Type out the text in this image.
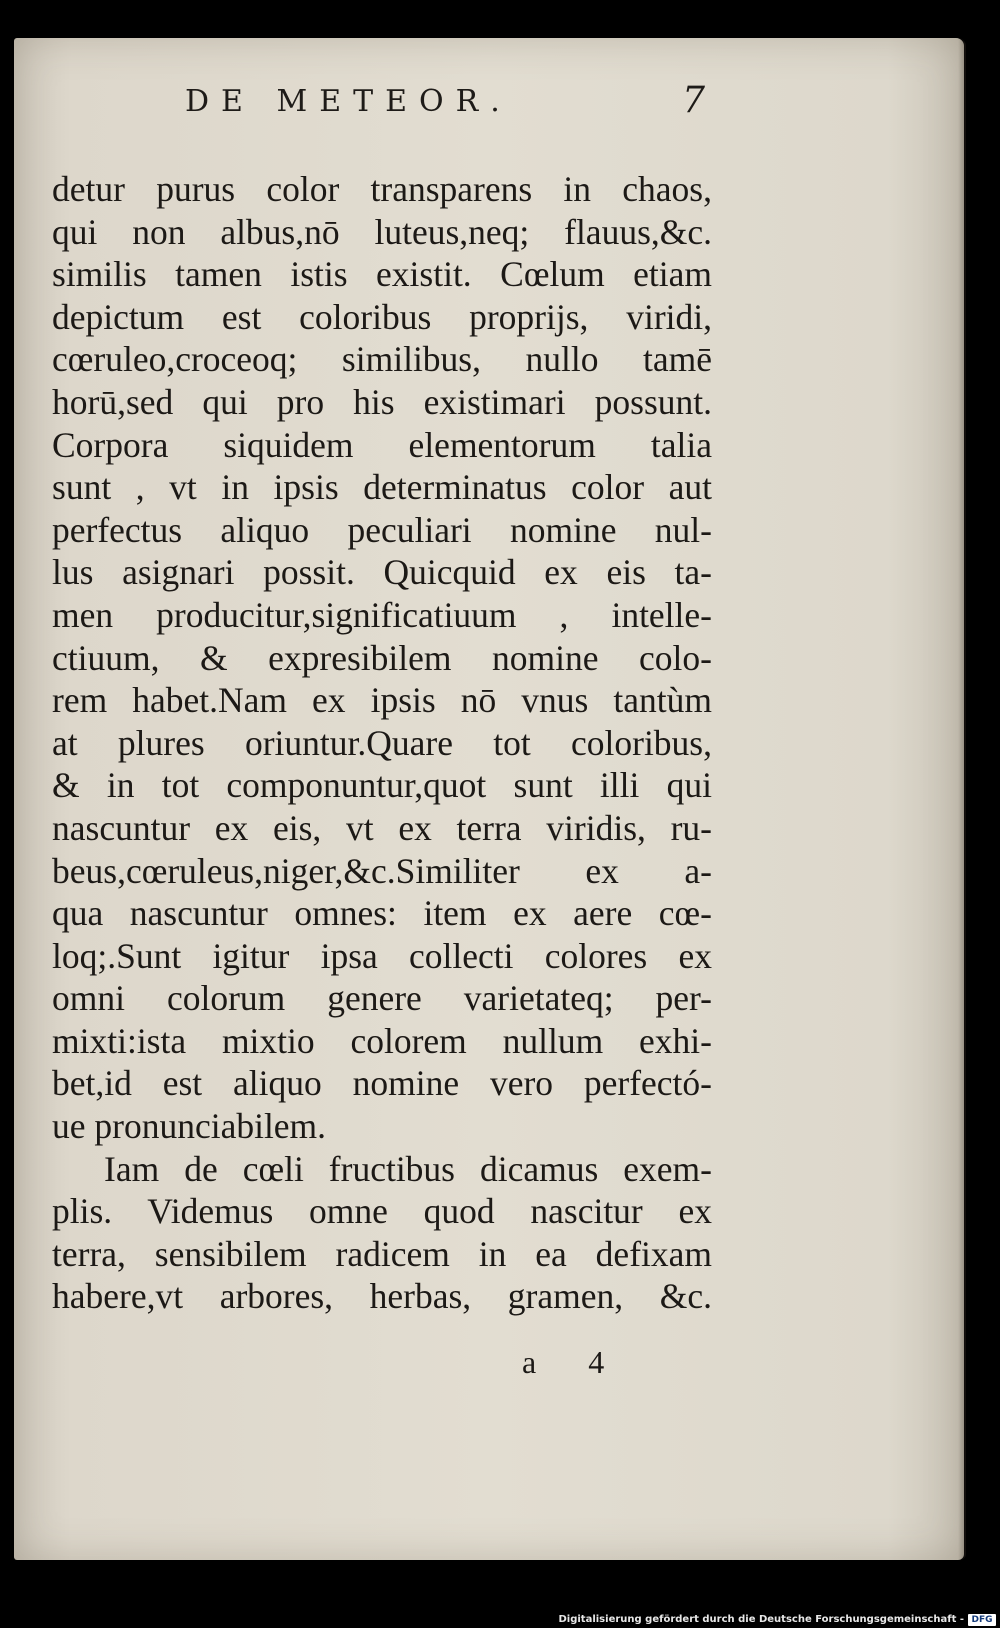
DE METEOR.	7
detur purus color transparens in chaos,
qui non albus,nō luteus,neq; flauus,&c.
similis tamen istis existit. Cœlum etiam
depictum est coloribus proprijs, viridi,
cœruleo,croceoq; similibus, nullo tamē
horū,sed qui pro his existimari possunt.
Corpora siquidem elementorum talia
sunt , vt in ipsis determinatus color aut
perfectus aliquo peculiari nomine nul-
lus asignari possit. Quicquid ex eis ta-
men producitur,significatiuum , intelle-
ctiuum, & expresibilem nomine colo-
rem habet.Nam ex ipsis nō vnus tantùm
at plures oriuntur.Quare tot coloribus,
& in tot componuntur,quot sunt illi qui
nascuntur ex eis, vt ex terra viridis, ru-
beus,cœruleus,niger,&c.Similiter ex a-
qua nascuntur omnes: item ex aere cœ-
loq;.Sunt igitur ipsa collecti colores ex
omni colorum genere varietateq; per-
mixti:ista mixtio colorem nullum exhi-
bet,id est aliquo nomine vero perfectó-
ue pronunciabilem.
Iam de cœli fructibus dicamus exem-
plis. Videmus omne quod nascitur ex
terra, sensibilem radicem in ea defixam
habere,vt arbores, herbas, gramen, &c.
a 4
Digitalisierung gefördert durch die Deutsche Forschungsgemeinschaft - DFG
